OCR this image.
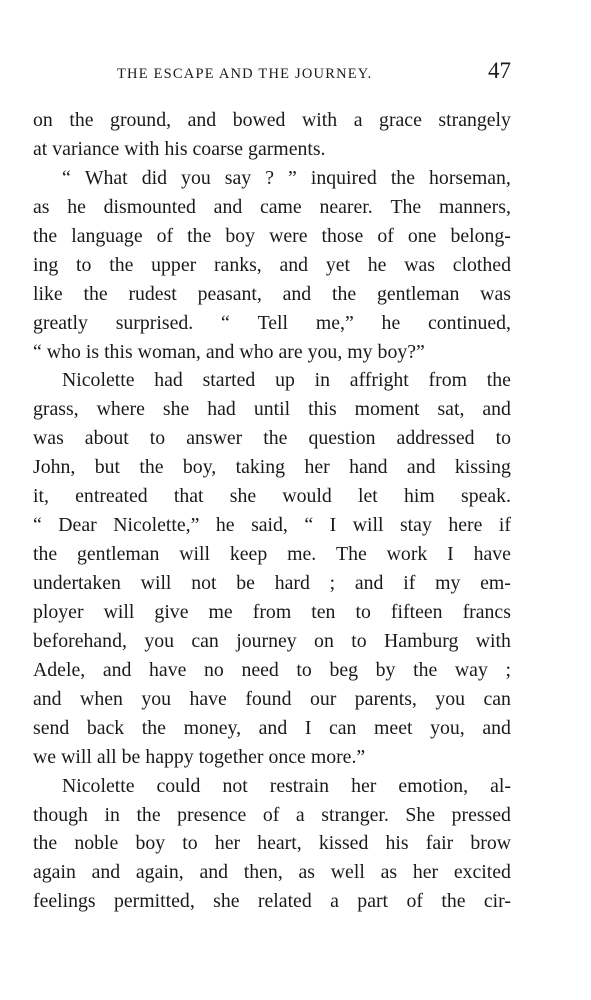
THE ESCAPE AND THE JOURNEY.	47
on the ground, and bowed with a grace strangely
at variance with his coarse garments.
“ What did you say ? ” inquired the horseman,
as he dismounted and came nearer. The manners,
the language of the boy were those of one belong-
ing to the upper ranks, and yet he was clothed
like the rudest peasant, and the gentleman was
greatly surprised. “ Tell me,” he continued,
“ who is this woman, and who are you, my boy?”
Nicolette had started up in affright from the
grass, where she had until this moment sat, and
was about to answer the question addressed to
John, but the boy, taking her hand and kissing
it, entreated that she would let him speak.
“ Dear Nicolette,” he said, “ I will stay here if
the gentleman will keep me. The work I have
undertaken will not be hard ; and if my em-
ployer will give me from ten to fifteen francs
beforehand, you can journey on to Hamburg with
Adele, and have no need to beg by the way ;
and when you have found our parents, you can
send back the money, and I can meet you, and
we will all be happy together once more.”
Nicolette could not restrain her emotion, al-
though in the presence of a stranger. She pressed
the noble boy to her heart, kissed his fair brow
again and again, and then, as well as her excited
feelings permitted, she related a part of the cir-
